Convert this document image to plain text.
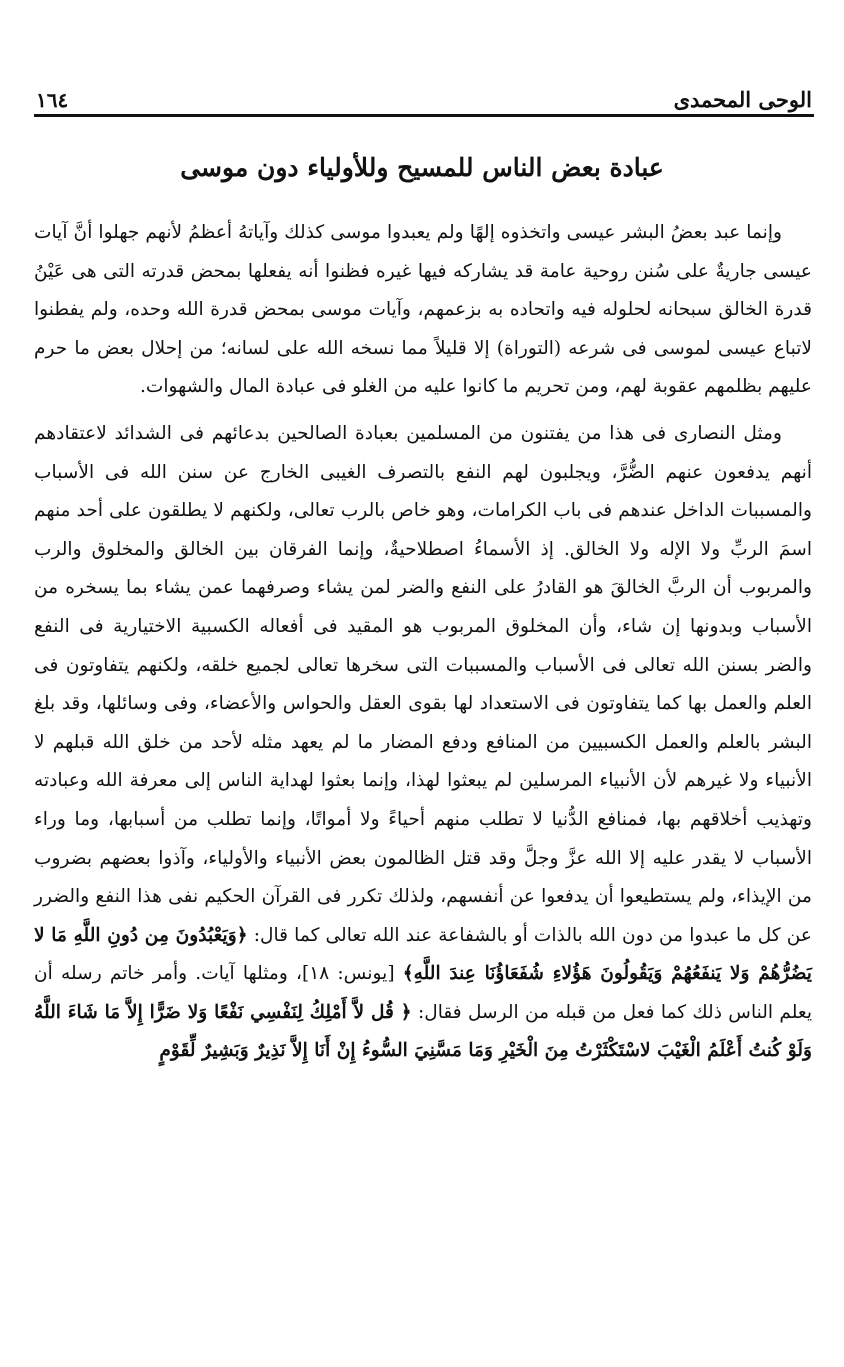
الوحى المحمدى
١٦٤
عبادة بعض الناس للمسيح وللأولياء دون موسى

وإنما عبد بعضُ البشر عيسى واتخذوه إلهًا ولم يعبدوا موسى كذلك وآياتهُ أعظمُ لأنهم جهلوا أنَّ آيات عيسى جاريةٌ على سُنن روحية عامة قد يشاركه فيها غيره فظنوا أنه يفعلها بمحض قدرته التى هى عَيْنُ قدرة الخالق سبحانه لحلوله فيه واتحاده به بزعمهم، وآيات موسى بمحض قدرة الله وحده، ولم يفطنوا لاتباع عيسى لموسى فى شرعه (التوراة) إلا قليلاً مما نسخه الله على لسانه؛ من إحلال بعض ما حرم عليهم بظلمهم عقوبة لهم، ومن تحريم ما كانوا عليه من الغلو فى عبادة المال والشهوات.

ومثل النصارى فى هذا من يفتنون من المسلمين بعبادة الصالحين بدعائهم فى الشدائد لاعتقادهم أنهم يدفعون عنهم الضُّرَّ، ويجلبون لهم النفع بالتصرف الغيبى الخارج عن سنن الله فى الأسباب والمسببات الداخل عندهم فى باب الكرامات، وهو خاص بالرب تعالى، ولكنهم لا يطلقون على أحد منهم اسمَ الربِّ ولا الإله ولا الخالق. إذ الأسماءُ اصطلاحيةٌ، وإنما الفرقان بين الخالق والمخلوق والرب والمربوب أن الربَّ الخالقَ هو القادرُ على النفع والضر لمن يشاء وصرفهما عمن يشاء بما يسخره من الأسباب وبدونها إن شاء، وأن المخلوق المربوب هو المقيد فى أفعاله الكسبية الاختيارية فى النفع والضر بسنن الله تعالى فى الأسباب والمسببات التى سخرها تعالى لجميع خلقه، ولكنهم يتفاوتون فى العلم والعمل بها كما يتفاوتون فى الاستعداد لها بقوى العقل والحواس والأعضاء، وفى وسائلها، وقد بلغ البشر بالعلم والعمل الكسبيين من المنافع ودفع المضار ما لم يعهد مثله لأحد من خلق الله قبلهم لا الأنبياء ولا غيرهم لأن الأنبياء المرسلين لم يبعثوا لهذا، وإنما بعثوا لهداية الناس إلى معرفة الله وعبادته وتهذيب أخلاقهم بها، فمنافع الدُّنيا لا تطلب منهم أحياءً ولا أمواتًا، وإنما تطلب من أسبابها، وما وراء الأسباب لا يقدر عليه إلا الله عزَّ وجلَّ وقد قتل الظالمون بعض الأنبياء والأولياء، وآذوا بعضهم بضروب من الإيذاء، ولم يستطيعوا أن يدفعوا عن أنفسهم، ولذلك تكرر فى القرآن الحكيم نفى هذا النفع والضرر عن كل ما عبدوا من دون الله بالذات أو بالشفاعة عند الله تعالى كما قال: ﴿وَيَعْبُدُونَ مِن دُونِ اللَّهِ مَا لا يَضُرُّهُمْ وَلا يَنفَعُهُمْ وَيَقُولُونَ هَؤُلاءِ شُفَعَاؤُنَا عِندَ اللَّهِ﴾ [يونس: ١٨]، ومثلها آيات. وأمر خاتم رسله أن يعلم الناس ذلك كما فعل من قبله من الرسل فقال: ﴿ قُل لاَّ أَمْلِكُ لِنَفْسِي نَفْعًا وَلا ضَرًّا إِلاَّ مَا شَاءَ اللَّهُ وَلَوْ كُنتُ أَعْلَمُ الْغَيْبَ لاسْتَكْثَرْتُ مِنَ الْخَيْرِ وَمَا مَسَّنِيَ السُّوءُ إِنْ أَنَا إِلاَّ نَذِيرٌ وَبَشِيرٌ لِّقَوْمٍ
